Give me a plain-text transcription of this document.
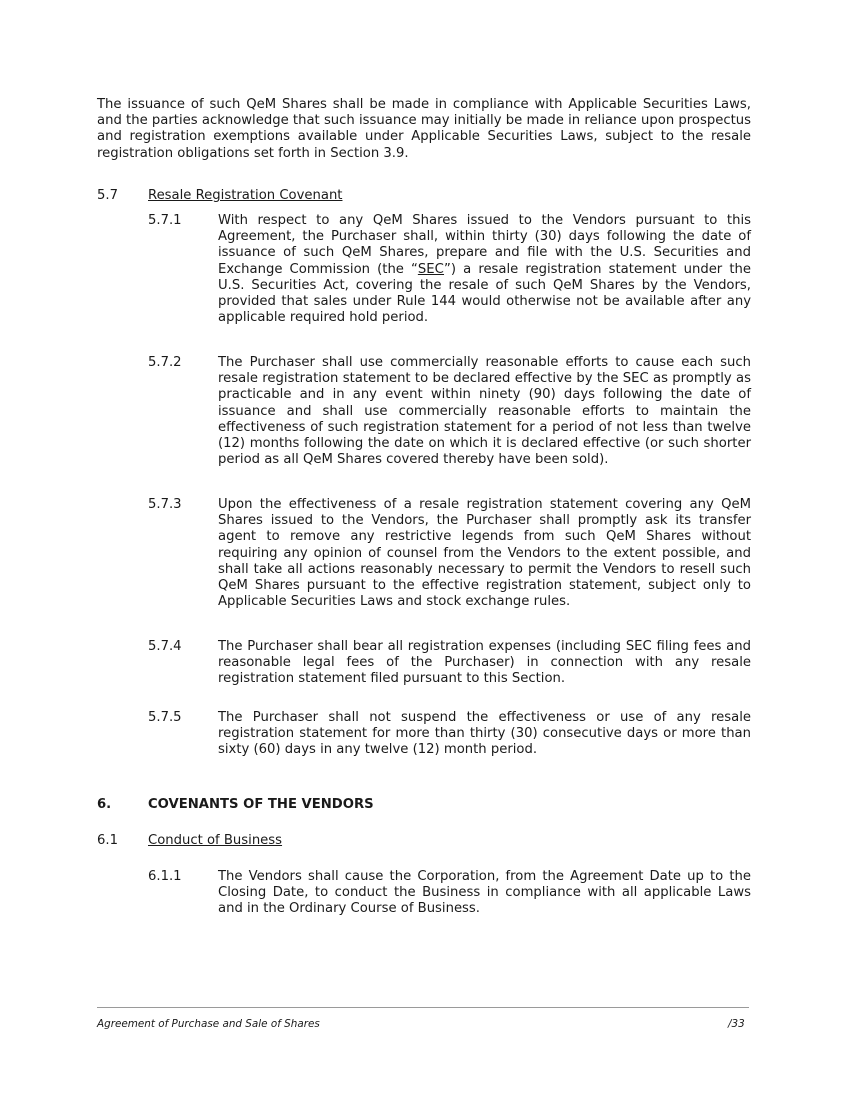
The issuance of such QeM Shares shall be made in compliance with Applicable Securities Laws, and the parties acknowledge that such issuance may initially be made in reliance upon prospectus and registration exemptions available under Applicable Securities Laws, subject to the resale registration obligations set forth in Section 3.9.

5.7 Resale Registration Covenant
5.7.1	With respect to any QeM Shares issued to the Vendors pursuant to this Agreement, the Purchaser shall, within thirty (30) days following the date of issuance of such QeM Shares, prepare and file with the U.S. Securities and Exchange Commission (the “SEC”) a resale registration statement under the U.S. Securities Act, covering the resale of such QeM Shares by the Vendors, provided that sales under Rule 144 would otherwise not be available after any applicable required hold period.
5.7.2	The Purchaser shall use commercially reasonable efforts to cause each such resale registration statement to be declared effective by the SEC as promptly as practicable and in any event within ninety (90) days following the date of issuance and shall use commercially reasonable efforts to maintain the effectiveness of such registration statement for a period of not less than twelve (12) months following the date on which it is declared effective (or such shorter period as all QeM Shares covered thereby have been sold).
5.7.3	Upon the effectiveness of a resale registration statement covering any QeM Shares issued to the Vendors, the Purchaser shall promptly ask its transfer agent to remove any restrictive legends from such QeM Shares without requiring any opinion of counsel from the Vendors to the extent possible, and shall take all actions reasonably necessary to permit the Vendors to resell such QeM Shares pursuant to the effective registration statement, subject only to Applicable Securities Laws and stock exchange rules.
5.7.4	The Purchaser shall bear all registration expenses (including SEC filing fees and reasonable legal fees of the Purchaser) in connection with any resale registration statement filed pursuant to this Section.
5.7.5	The Purchaser shall not suspend the effectiveness or use of any resale registration statement for more than thirty (30) consecutive days or more than sixty (60) days in any twelve (12) month period.
6.	COVENANTS OF THE VENDORS
6.1 Conduct of Business
6.1.1	The Vendors shall cause the Corporation, from the Agreement Date up to the Closing Date, to conduct the Business in compliance with all applicable Laws and in the Ordinary Course of Business.
Agreement of Purchase and Sale of Shares	/33
